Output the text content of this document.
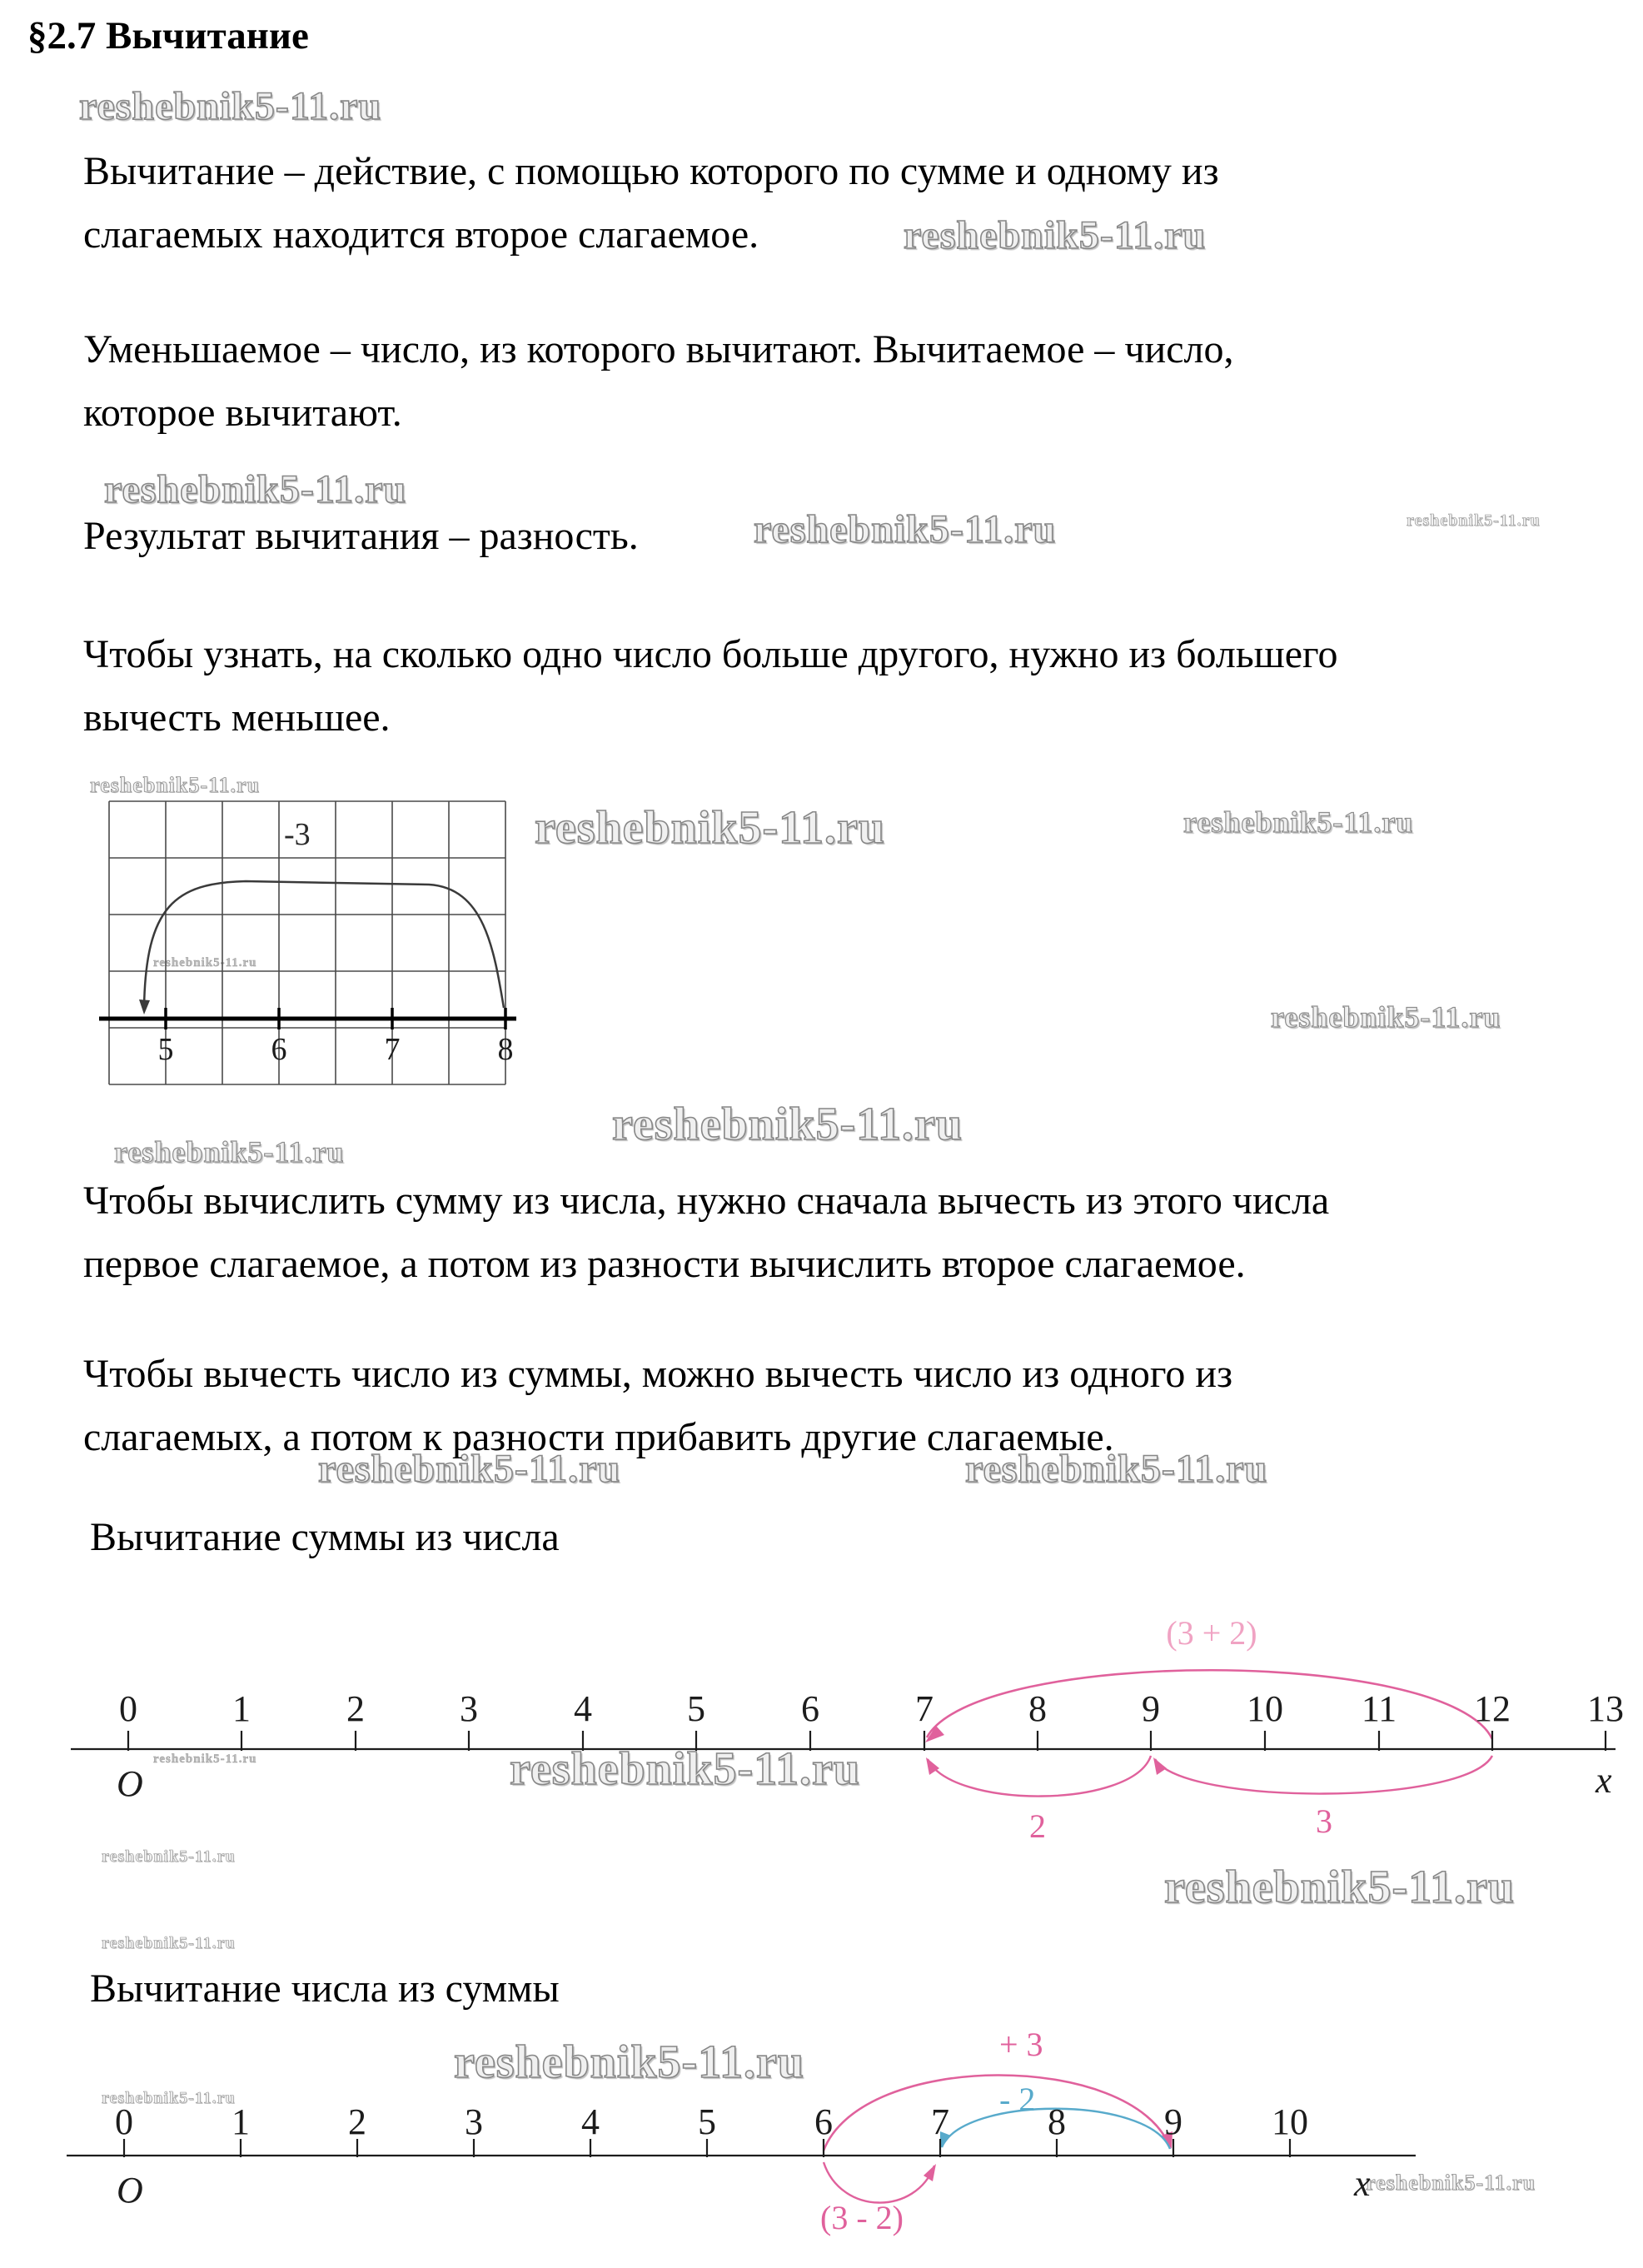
§2.7 Вычитание
reshebnik5-11.ru
reshebnik5-11.ru
reshebnik5-11.ru
reshebnik5-11.ru	reshebnik5-11.ru
reshebnik5-11.ru
reshebnik5-11.ru	reshebnik5-11.ru
reshebnik5-11.ru
reshebnik5-11.ru
reshebnik5-11.ru
reshebnik5-11.ru
reshebnik5-11.ru	reshebnik5-11.ru
reshebnik5-11.ru	reshebnik5-11.ru
reshebnik5-11.ru
reshebnik5-11.ru
reshebnik5-11.ru
reshebnik5-11.ru
reshebnik5-11.ru
reshebnik5-11.ru
Вычитание – действие, с помощью которого по сумме и одному из
слагаемых находится второе слагаемое.
Уменьшаемое – число, из которого вычитают. Вычитаемое – число,
которое вычитают.
Результат вычитания – разность.
Чтобы узнать, на сколько одно число больше другого, нужно из большего
вычесть меньшее.
-3
5	6	7	8
Чтобы вычислить сумму из числа, нужно сначала вычесть из этого числа
первое слагаемое, а потом из разности вычислить второе слагаемое.
Чтобы вычесть число из суммы, можно вычесть число из одного из
слагаемых, а потом к разности прибавить другие слагаемые.
Вычитание суммы из числа
(3 + 2)
0	1	2	3	4	5	6	7	8	9 10 11 12 13
2	3
O	x
Вычитание числа из суммы
+ 3
- 2
0	1	2	3	4	5	6	7	8	9 10
(3 - 2)
O	x
